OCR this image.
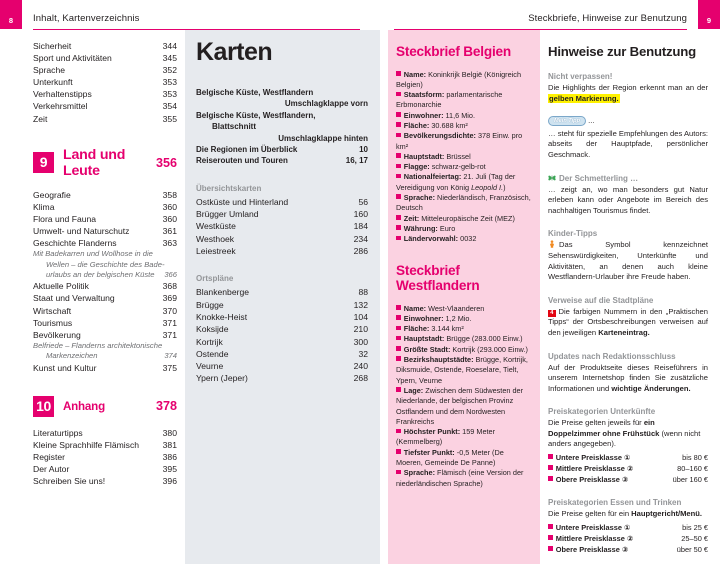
8	Inhalt, Kartenverzeichnis	Steckbriefe, Hinweise zur Benutzung	9
Sicherheit	344
Sport und Aktivitäten	345
Sprache	352
Unterkunft	353
Verhaltenstipps	353
Verkehrsmittel	354
Zeit	355
9	Land und Leute	356
Geografie	358
Klima	360
Flora und Fauna	360
Umwelt- und Naturschutz	361
Geschichte Flanderns	363
Mit Badekarren und Wollhose in die
Wellen – die Geschichte des Bade-
urlaubs an der belgischen Küste	366
Aktuelle Politik	368
Staat und Verwaltung	369
Wirtschaft	370
Tourismus	371
Bevölkerung	371
Belfriede – Flanderns architektonische
Markenzeichen	374
Kunst und Kultur	375
10 Anhang	378
Literaturtipps	380
Kleine Sprachhilfe Flämisch	381
Register	386
Der Autor	395
Schreiben Sie uns!	396
Karten
Belgische Küste, Westflandern
Umschlagklappe vorn
Belgische Küste, Westflandern,
Blattschnitt
Umschlagklappe hinten
Die Regionen im Überblick	10
Reiserouten und Touren	16, 17
Übersichtskarten
Ostküste und Hinterland	56
Brügger Umland	160
Westküste	184
Westhoek	234
Leiestreek	286
Ortspläne
Blankenberge	88
Brügge	132
Knokke-Heist	104
Koksijde	210
Kortrijk	300
Ostende	32
Veurne	240
Ypern (Jeper)	268
Steckbrief Belgien
Name: Koninkrijk België (Königreich Belgien)
Staatsform: parlamentarische Erbmonarchie
Einwohner: 11,6 Mio.
Fläche: 30.688 km²
Bevölkerungsdichte: 378 Einw. pro km²
Hauptstadt: Brüssel
Flagge: schwarz-gelb-rot
Nationalfeiertag: 21. Juli (Tag der Vereidigung von König Leopold I.)
Sprache: Niederländisch, Französisch, Deutsch
Zeit: Mitteleuropäische Zeit (MEZ)
Währung: Euro
Ländervorwahl: 0032
Steckbrief
Westflandern
Name: West-Vlaanderen
Einwohner: 1,2 Mio.
Fläche: 3.144 km²
Hauptstadt: Brügge (283.000 Einw.)
Größte Stadt: Kortrijk (293.000 Einw.)
Bezirkshauptstädte: Brügge, Kortrijk, Diksmuide, Ostende, Roeselare, Tielt, Ypern, Veurne
Lage: Zwischen dem Südwesten der Niederlande, der belgischen Provinz Ostflandern und dem Nordwesten Frankreichs
Höchster Punkt: 159 Meter (Kemmelberg)
Tiefster Punkt: -0,5 Meter (De Moeren, Gemeinde De Panne)
Sprache: Flämisch (eine Version der niederländischen Sprache)
Hinweise zur Benutzung
Nicht verpassen!
Die Highlights der Region erkennt man an der gelben Markierung.
Mein Tipp ...
… steht für spezielle Empfehlungen des Autors: abseits der Hauptpfade, persönlicher Geschmack.
Der Schmetterling …
… zeigt an, wo man besonders gut Natur erleben kann oder Angebote im Bereich des nachhaltigen Tourismus findet.
Kinder-Tipps
Das Symbol kennzeichnet Sehenswürdigkeiten, Unterkünfte und Aktivitäten, an denen auch kleine Westflandern-Urlauber ihre Freude haben.
Verweise auf die Stadtpläne
4 Die farbigen Nummern in den „Praktischen Tipps“ der Ortsbeschreibungen verweisen auf den jeweiligen Karteneintrag.
Updates nach Redaktionsschluss
Auf der Produktseite dieses Reiseführers in unserem Internetshop finden Sie zusätzliche Informationen und wichtige Änderungen.
Preiskategorien Unterkünfte
Die Preise gelten jeweils für ein Doppelzimmer ohne Frühstück (wenn nicht anders angegeben).
Untere Preisklasse ①	bis 80 €
Mittlere Preisklasse ②	80–160 €
Obere Preisklasse ③	über 160 €
Preiskategorien Essen und Trinken
Die Preise gelten für ein Hauptgericht/Menü.
Untere Preisklasse ①	bis 25 €
Mittlere Preisklasse ②	25–50 €
Obere Preisklasse ③	über 50 €
